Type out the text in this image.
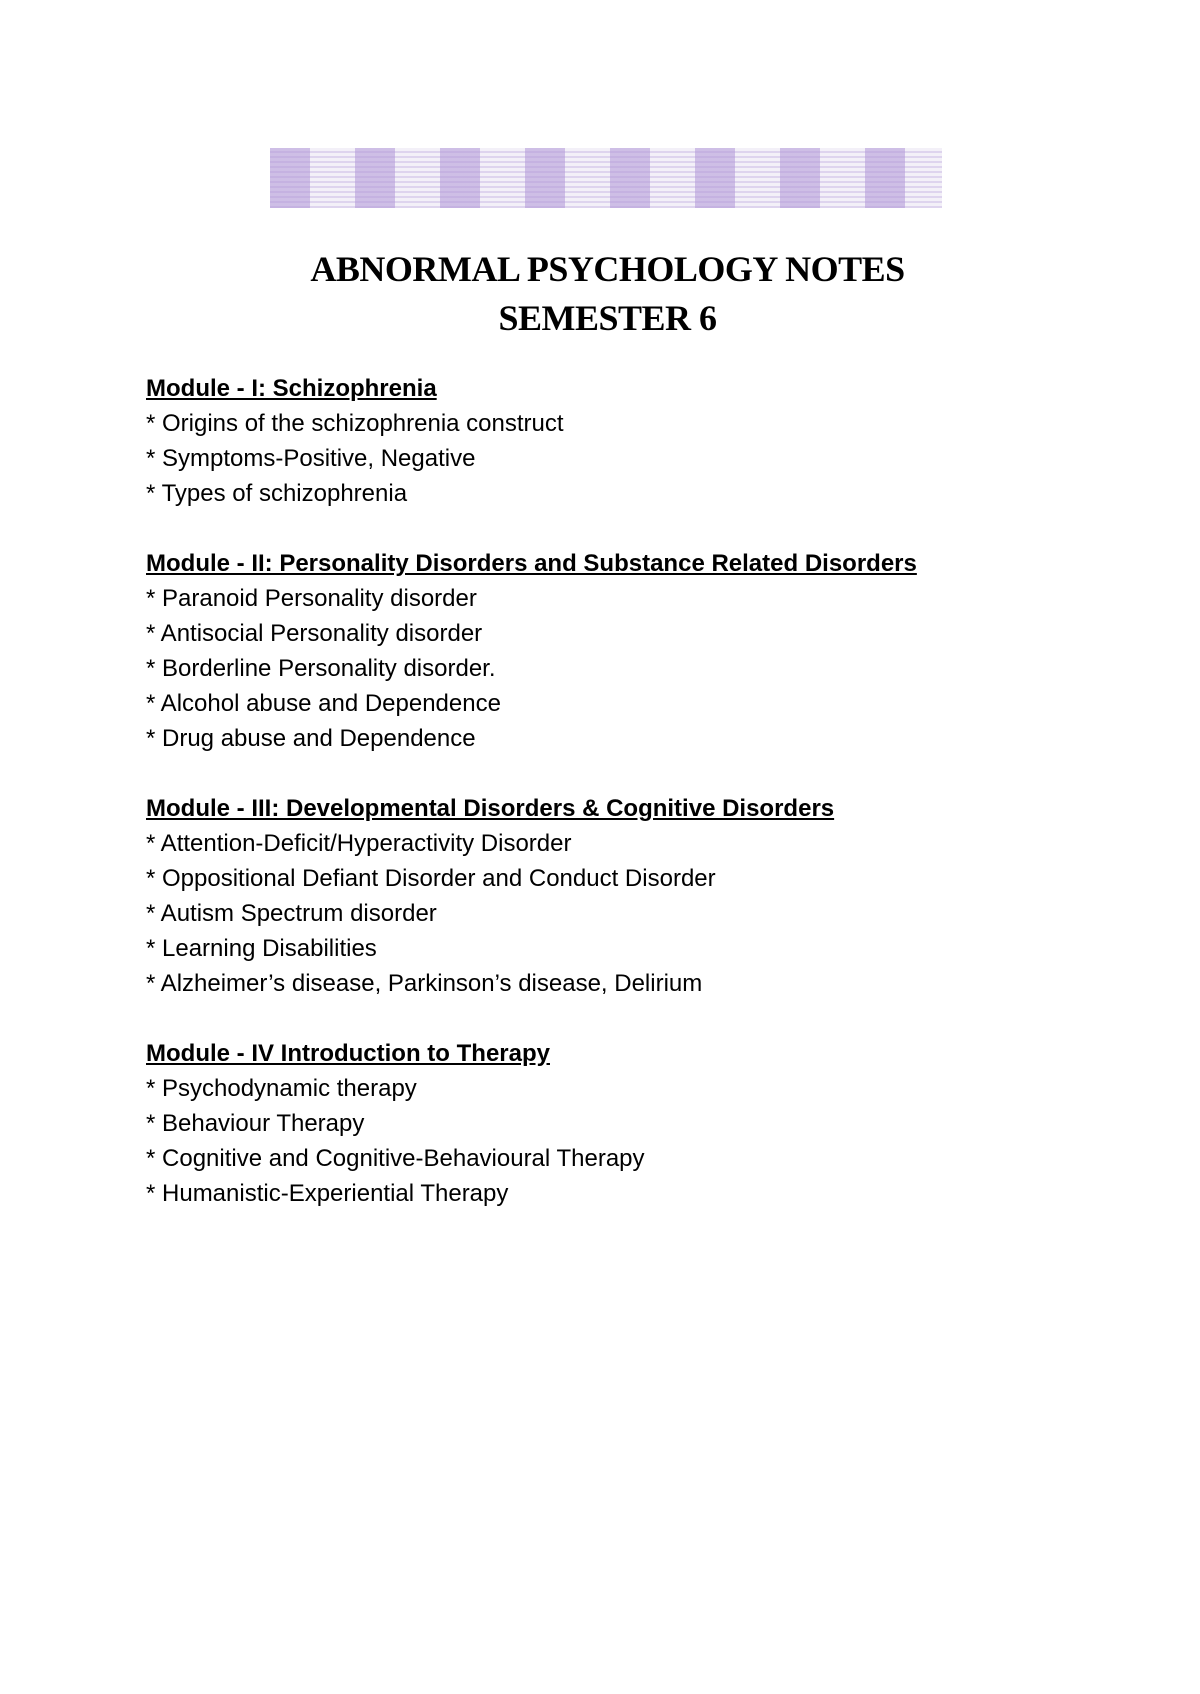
ABNORMAL PSYCHOLOGY NOTES
SEMESTER 6
Module - I: Schizophrenia
* Origins of the schizophrenia construct
* Symptoms-Positive, Negative
* Types of schizophrenia
Module - II: Personality Disorders and Substance Related Disorders
* Paranoid Personality disorder
* Antisocial Personality disorder
* Borderline Personality disorder.
* Alcohol abuse and Dependence
* Drug abuse and Dependence
Module - III: Developmental Disorders & Cognitive Disorders
* Attention-Deficit/Hyperactivity Disorder
* Oppositional Defiant Disorder and Conduct Disorder
* Autism Spectrum disorder
* Learning Disabilities
* Alzheimer’s disease, Parkinson’s disease, Delirium
Module - IV Introduction to Therapy
* Psychodynamic therapy
* Behaviour Therapy
* Cognitive and Cognitive-Behavioural Therapy
* Humanistic-Experiential Therapy
